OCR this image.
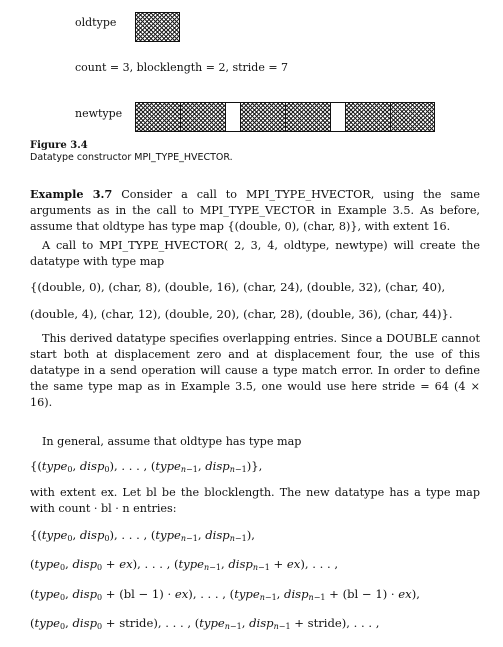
oldtype
count = 3, blocklength = 2, stride = 7
newtype
Figure 3.4
Datatype constructor MPI_TYPE_HVECTOR.
Example 3.7 Consider a call to MPI_TYPE_HVECTOR, using the same arguments as in the call to MPI_TYPE_VECTOR in Example 3.5. As before, assume that oldtype has type map {(double, 0), (char, 8)}, with extent 16.
A call to MPI_TYPE_HVECTOR( 2, 3, 4, oldtype, newtype) will create the datatype with type map
{(double, 0), (char, 8), (double, 16), (char, 24), (double, 32), (char, 40),
(double, 4), (char, 12), (double, 20), (char, 28), (double, 36), (char, 44)}.
This derived datatype specifies overlapping entries. Since a DOUBLE cannot start both at displacement zero and at displacement four, the use of this datatype in a send operation will cause a type match error. In order to define the same type map as in Example 3.5, one would use here stride = 64 (4 × 16).
In general, assume that oldtype has type map
{(type$_0$, disp$_0$), . . . , (type$_{n-1}$, disp$_{n-1}$)},
with extent ex. Let bl be the blocklength. The new datatype has a type map with count · bl · n entries:
{(type$_0$, disp$_0$), . . . , (type$_{n-1}$, disp$_{n-1}$),
(type$_0$, disp$_0$ + ex), . . . , (type$_{n-1}$, disp$_{n-1}$ + ex), . . . ,
(type$_0$, disp$_0$ + (bl − 1) · ex), . . . , (type$_{n-1}$, disp$_{n-1}$ + (bl − 1) · ex),
(type$_0$, disp$_0$ + stride), . . . , (type$_{n-1}$, disp$_{n-1}$ + stride), . . . ,
